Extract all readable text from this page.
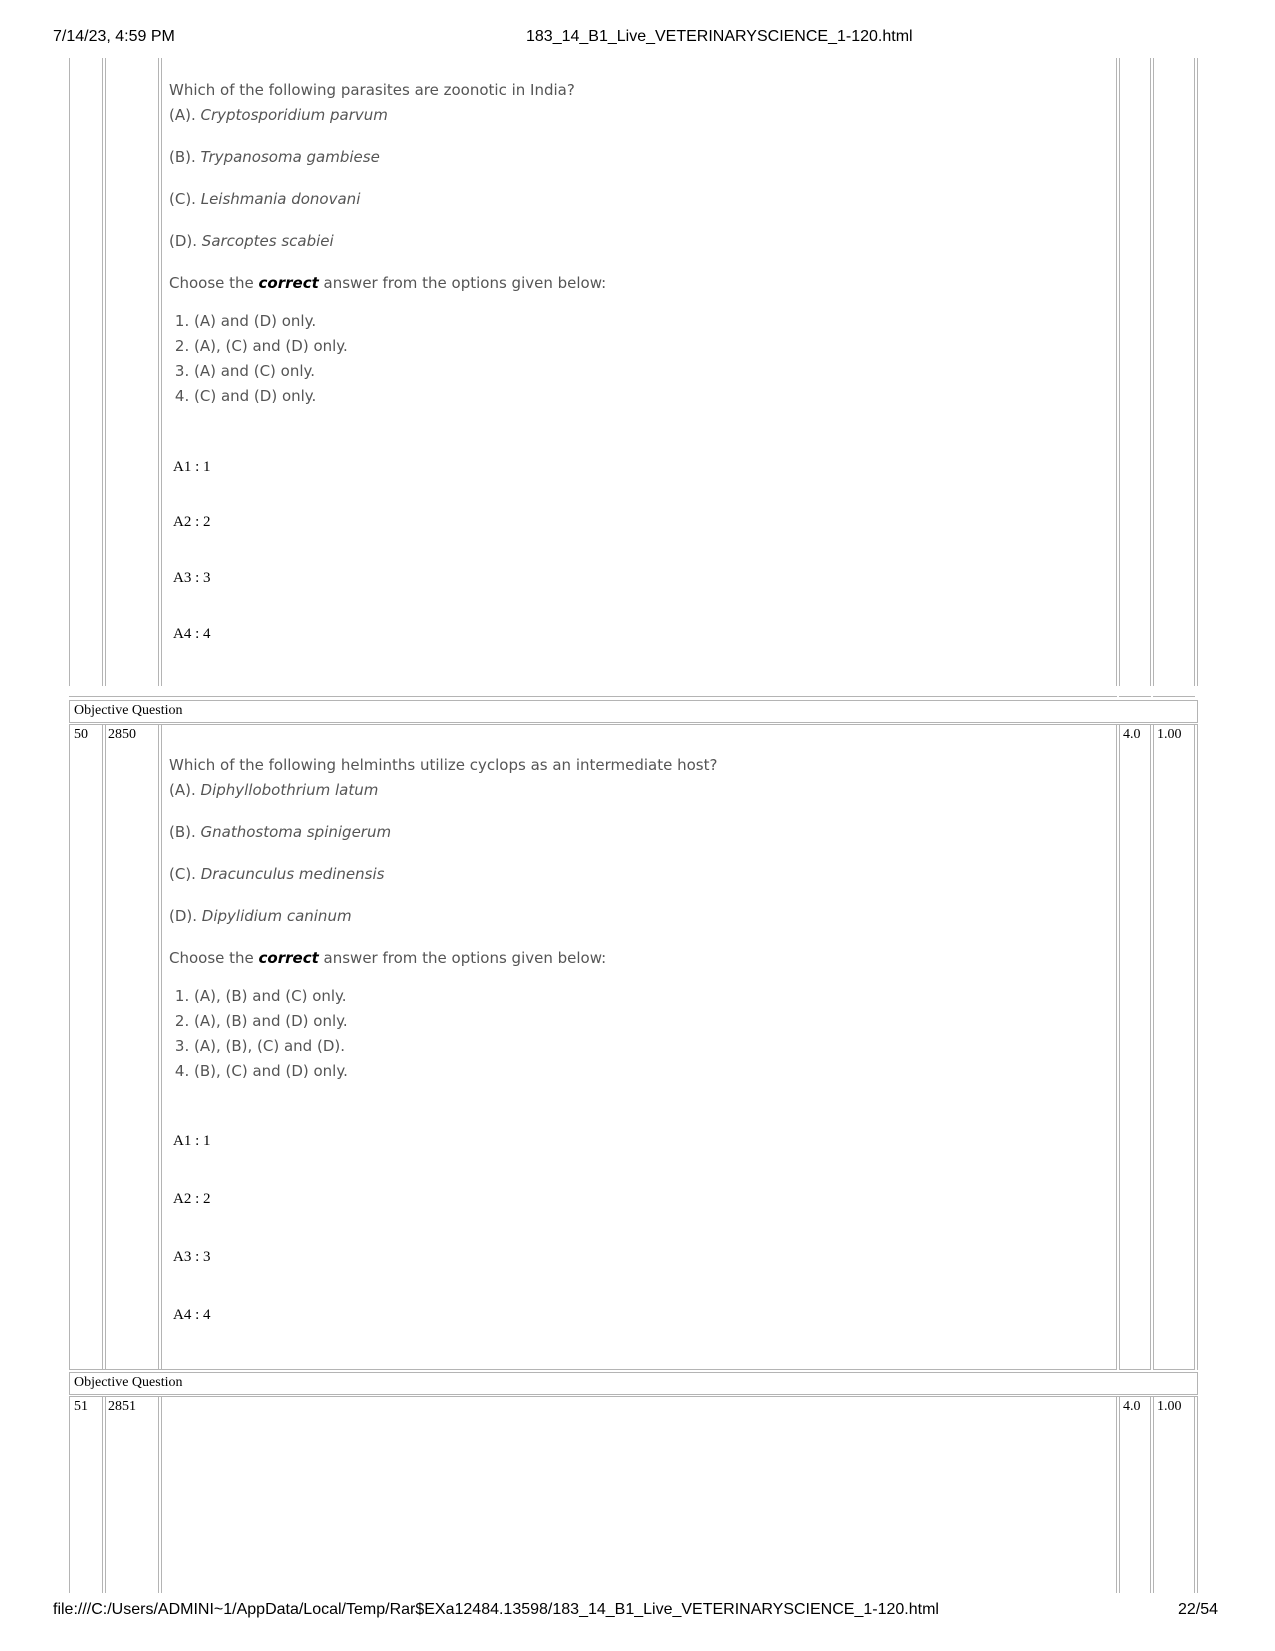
7/14/23, 4:59 PM	183_14_B1_Live_VETERINARYSCIENCE_1-120.html

Which of the following parasites are zoonotic in India?

(A). Cryptosporidium parvum

(B). Trypanosoma gambiese

(C). Leishmania donovani

(D). Sarcoptes scabiei

Choose the correct answer from the options given below:

1. (A) and (D) only.
2. (A), (C) and (D) only.
3. (A) and (C) only.
4. (C) and (D) only.
A1 : 1
A2 : 2
A3 : 3
A4 : 4
Objective Question
50 2850	4.0 1.00

Which of the following helminths utilize cyclops as an intermediate host?

(A). Diphyllobothrium latum

(B). Gnathostoma spinigerum

(C). Dracunculus medinensis

(D). Dipylidium caninum

Choose the correct answer from the options given below:

1. (A), (B) and (C) only.
2. (A), (B) and (D) only.
3. (A), (B), (C) and (D).
4. (B), (C) and (D) only.
A1 : 1
A2 : 2
A3 : 3
A4 : 4
Objective Question
51 2851	4.0 1.00
file:///C:/Users/ADMINI~1/AppData/Local/Temp/Rar$EXa12484.13598/183_14_B1_Live_VETERINARYSCIENCE_1-120.html	22/54
